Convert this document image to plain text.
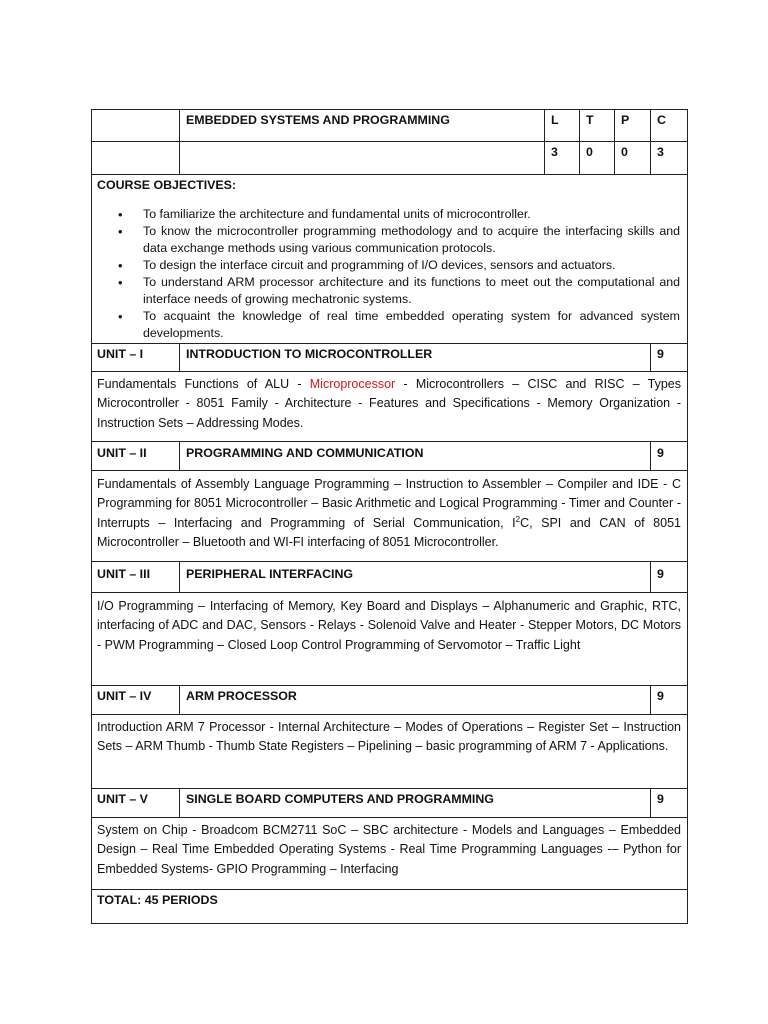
EMBEDDED SYSTEMS AND PROGRAMMING	L T P C
3 0 0 3
COURSE OBJECTIVES:
• To familiarize the architecture and fundamental units of microcontroller.
• To know the microcontroller programming methodology and to acquire the interfacing skills and data exchange methods using various communication protocols.
• To design the interface circuit and programming of I/O devices, sensors and actuators.
• To understand ARM processor architecture and its functions to meet out the computational and interface needs of growing mechatronic systems.
• To acquaint the knowledge of real time embedded operating system for advanced system developments.
UNIT – I	INTRODUCTION TO MICROCONTROLLER	9
Fundamentals Functions of ALU - Microprocessor - Microcontrollers – CISC and RISC – Types Microcontroller - 8051 Family - Architecture - Features and Specifications - Memory Organization - Instruction Sets – Addressing Modes.
UNIT – II	PROGRAMMING AND COMMUNICATION	9
Fundamentals of Assembly Language Programming – Instruction to Assembler – Compiler and IDE - C Programming for 8051 Microcontroller – Basic Arithmetic and Logical Programming - Timer and Counter - Interrupts – Interfacing and Programming of Serial Communication, $I^2C$, SPI and CAN of 8051 Microcontroller – Bluetooth and WI-FI interfacing of 8051 Microcontroller.
UNIT – III	PERIPHERAL INTERFACING	9
I/O Programming – Interfacing of Memory, Key Board and Displays – Alphanumeric and Graphic, RTC, interfacing of ADC and DAC, Sensors - Relays - Solenoid Valve and Heater - Stepper Motors, DC Motors - PWM Programming – Closed Loop Control Programming of Servomotor – Traffic Light
UNIT – IV	ARM PROCESSOR	9
Introduction ARM 7 Processor - Internal Architecture – Modes of Operations – Register Set – Instruction Sets – ARM Thumb - Thumb State Registers – Pipelining – basic programming of ARM 7 - Applications.
UNIT – V	SINGLE BOARD COMPUTERS AND PROGRAMMING	9
System on Chip - Broadcom BCM2711 SoC – SBC architecture - Models and Languages – Embedded Design – Real Time Embedded Operating Systems - Real Time Programming Languages -– Python for Embedded Systems- GPIO Programming – Interfacing
TOTAL: 45 PERIODS
